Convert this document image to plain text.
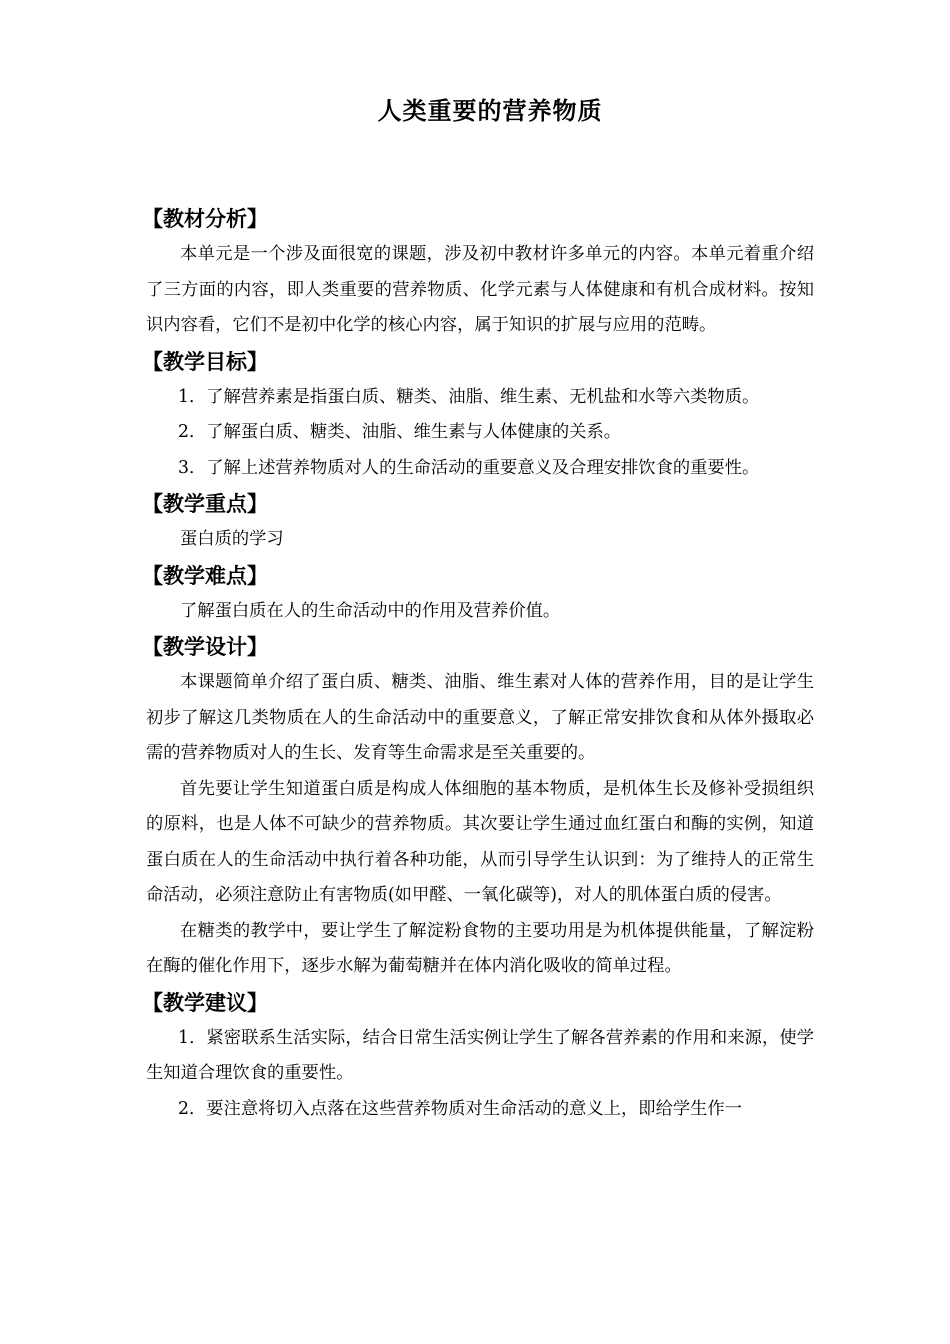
人类重要的营养物质
【教材分析】

本单元是一个涉及面很宽的课题，涉及初中教材许多单元的内容。本单元着重介绍了三方面的内容，即人类重要的营养物质、化学元素与人体健康和有机合成材料。按知识内容看，它们不是初中化学的核心内容，属于知识的扩展与应用的范畴。

【教学目标】

1．了解营养素是指蛋白质、糖类、油脂、维生素、无机盐和水等六类物质。

2．了解蛋白质、糖类、油脂、维生素与人体健康的关系。

3．了解上述营养物质对人的生命活动的重要意义及合理安排饮食的重要性。

【教学重点】

蛋白质的学习

【教学难点】

了解蛋白质在人的生命活动中的作用及营养价值。

【教学设计】

本课题简单介绍了蛋白质、糖类、油脂、维生素对人体的营养作用，目的是让学生初步了解这几类物质在人的生命活动中的重要意义，了解正常安排饮食和从体外摄取必需的营养物质对人的生长、发育等生命需求是至关重要的。

首先要让学生知道蛋白质是构成人体细胞的基本物质，是机体生长及修补受损组织的原料，也是人体不可缺少的营养物质。其次要让学生通过血红蛋白和酶的实例，知道蛋白质在人的生命活动中执行着各种功能，从而引导学生认识到：为了维持人的正常生命活动，必须注意防止有害物质(如甲醛、一氧化碳等)，对人的肌体蛋白质的侵害。

在糖类的教学中，要让学生了解淀粉食物的主要功用是为机体提供能量，了解淀粉在酶的催化作用下，逐步水解为葡萄糖并在体内消化吸收的简单过程。

【教学建议】

1．紧密联系生活实际，结合日常生活实例让学生了解各营养素的作用和来源，使学生知道合理饮食的重要性。

2．要注意将切入点落在这些营养物质对生命活动的意义上，即给学生作一
